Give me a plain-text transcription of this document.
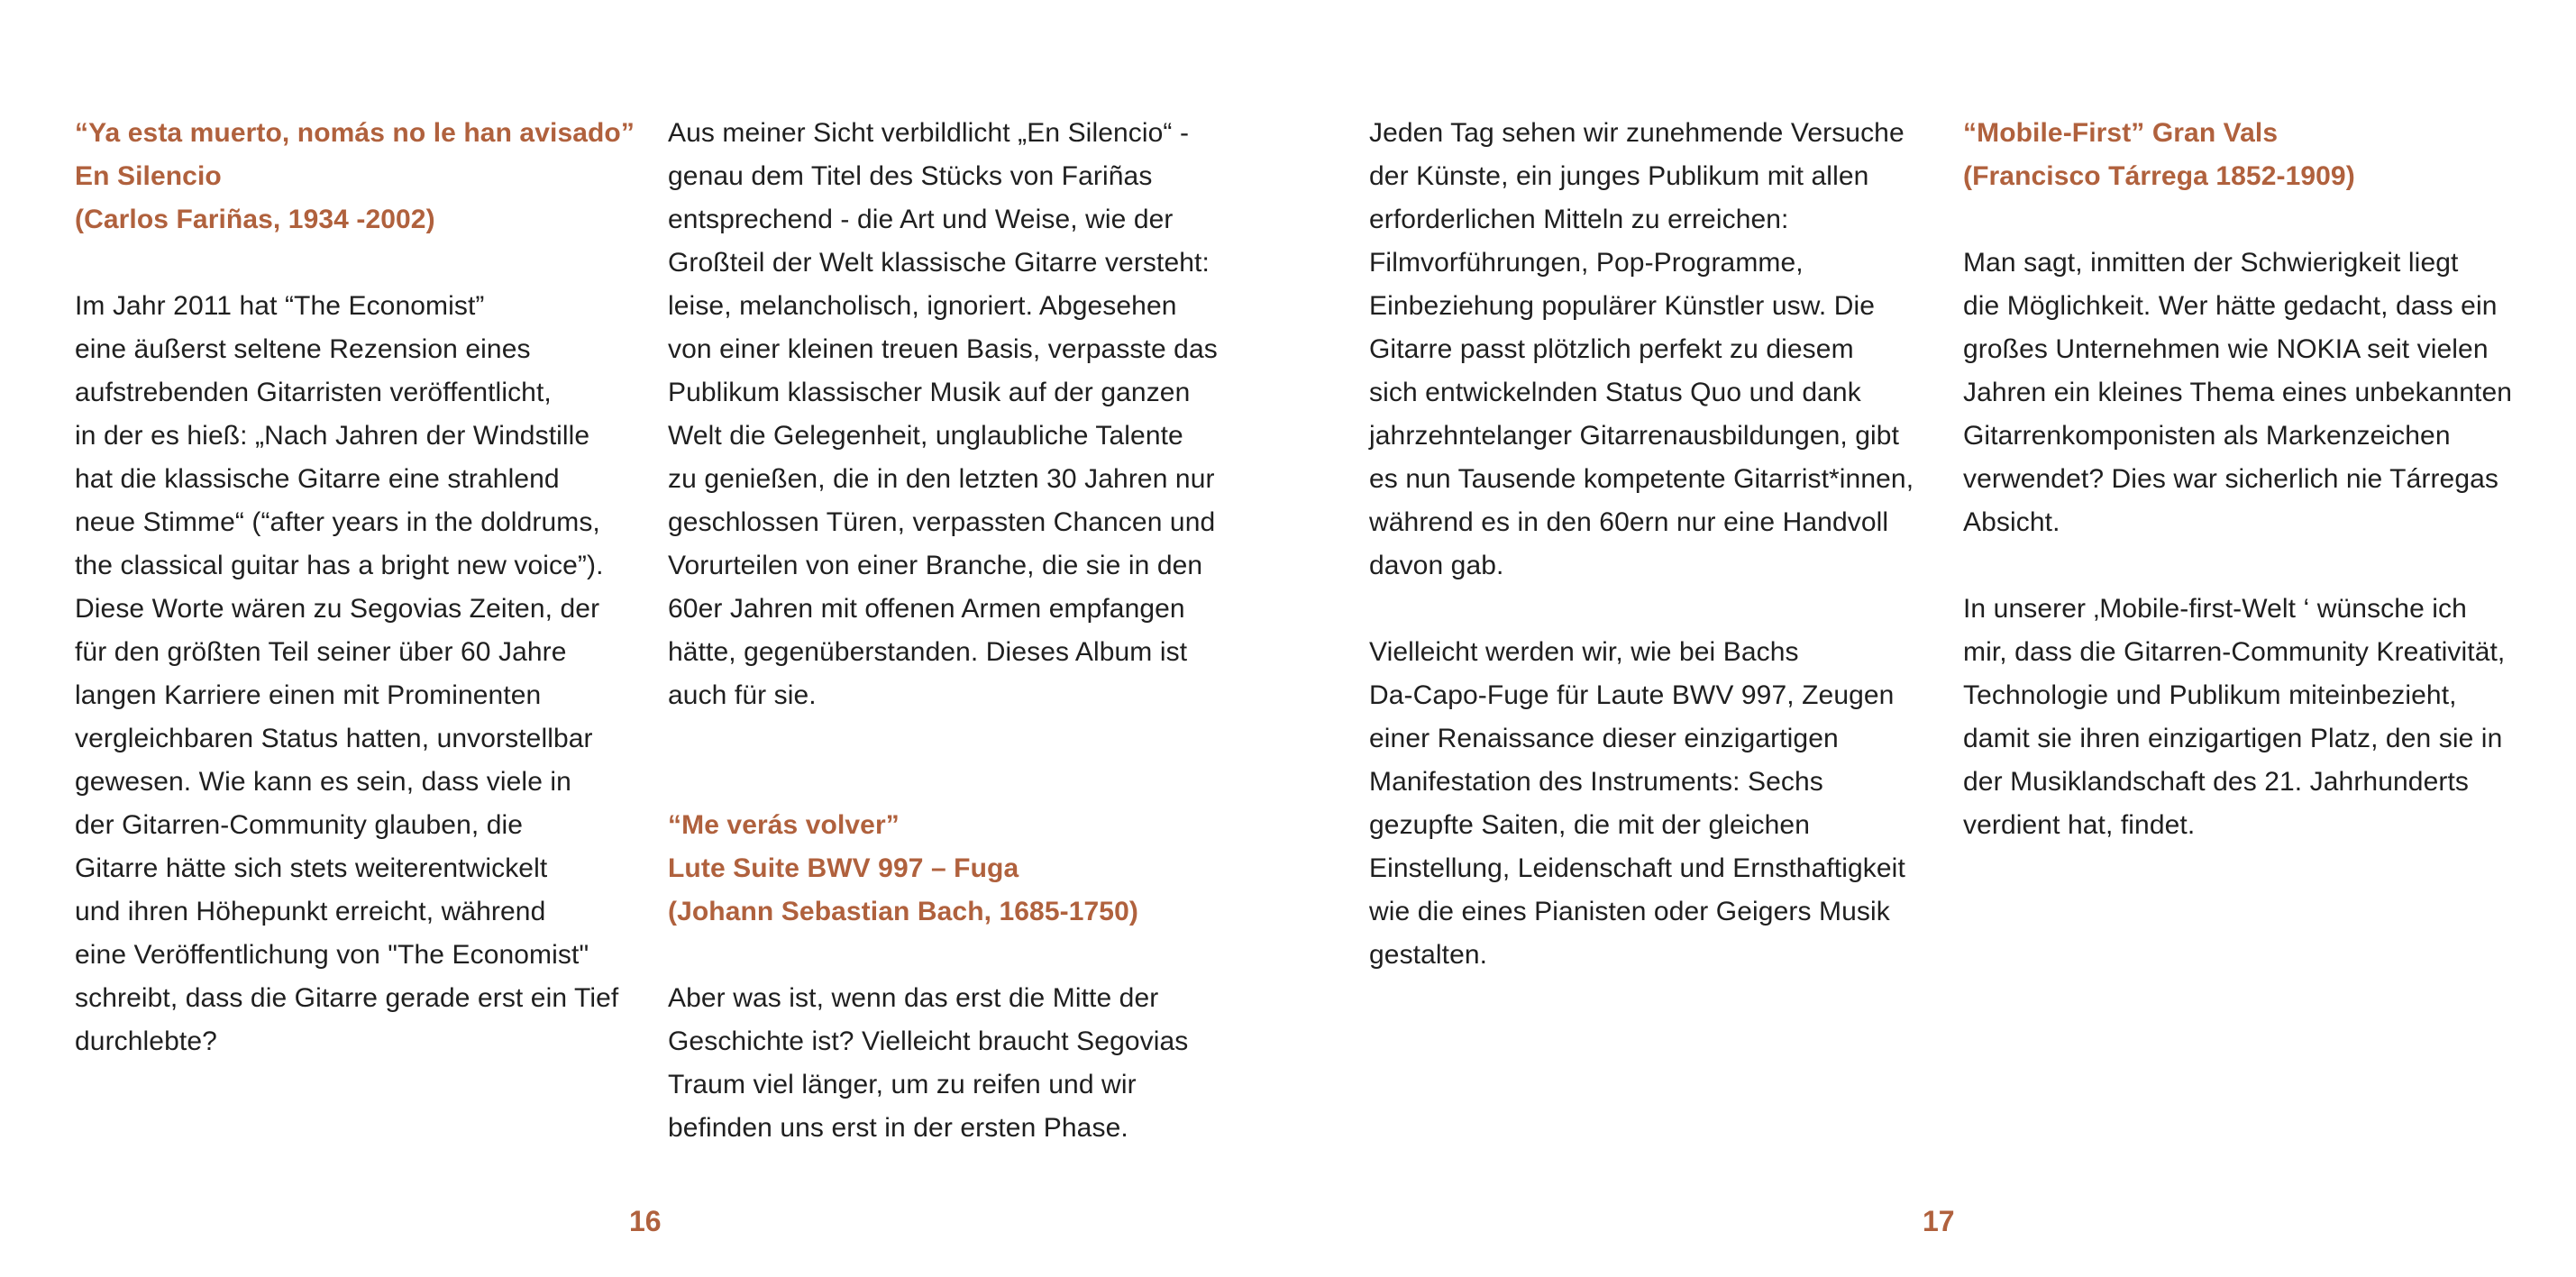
“Ya esta muerto, nomás no le han avisado”
En Silencio
(Carlos Fariñas, 1934 -2002)

Im Jahr 2011 hat “The Economist”
eine äußerst seltene Rezension eines
aufstrebenden Gitarristen veröffentlicht,
in der es hieß: „Nach Jahren der Windstille
hat die klassische Gitarre eine strahlend
neue Stimme“ (“after years in the doldrums,
the classical guitar has a bright new voice”).
Diese Worte wären zu Segovias Zeiten, der
für den größten Teil seiner über 60 Jahre
langen Karriere einen mit Prominenten
vergleichbaren Status hatten, unvorstellbar
gewesen. Wie kann es sein, dass viele in
der Gitarren-Community glauben, die
Gitarre hätte sich stets weiterentwickelt
und ihren Höhepunkt erreicht, während
eine Veröffentlichung von "The Economist"
schreibt, dass die Gitarre gerade erst ein Tief
durchlebte?

Aus meiner Sicht verbildlicht „En Silencio“ -
genau dem Titel des Stücks von Fariñas
entsprechend - die Art und Weise, wie der
Großteil der Welt klassische Gitarre versteht:
leise, melancholisch, ignoriert. Abgesehen
von einer kleinen treuen Basis, verpasste das
Publikum klassischer Musik auf der ganzen
Welt die Gelegenheit, unglaubliche Talente
zu genießen, die in den letzten 30 Jahren nur
geschlossen Türen, verpassten Chancen und
Vorurteilen von einer Branche, die sie in den
60er Jahren mit offenen Armen empfangen
hätte, gegenüberstanden. Dieses Album ist
auch für sie.

“Me verás volver”
Lute Suite BWV 997 – Fuga
(Johann Sebastian Bach, 1685-1750)

Aber was ist, wenn das erst die Mitte der
Geschichte ist? Vielleicht braucht Segovias
Traum viel länger, um zu reifen und wir
befinden uns erst in der ersten Phase.

16

Jeden Tag sehen wir zunehmende Versuche
der Künste, ein junges Publikum mit allen
erforderlichen Mitteln zu erreichen:
Filmvorführungen, Pop-Programme,
Einbeziehung populärer Künstler usw. Die
Gitarre passt plötzlich perfekt zu diesem
sich entwickelnden Status Quo und dank
jahrzehntelanger Gitarrenausbildungen, gibt
es nun Tausende kompetente Gitarrist*innen,
während es in den 60ern nur eine Handvoll
davon gab.

Vielleicht werden wir, wie bei Bachs
Da-Capo-Fuge für Laute BWV 997, Zeugen
einer Renaissance dieser einzigartigen
Manifestation des Instruments: Sechs
gezupfte Saiten, die mit der gleichen
Einstellung, Leidenschaft und Ernsthaftigkeit
wie die eines Pianisten oder Geigers Musik
gestalten.

“Mobile-First” Gran Vals
(Francisco Tárrega 1852-1909)

Man sagt, inmitten der Schwierigkeit liegt
die Möglichkeit. Wer hätte gedacht, dass ein
großes Unternehmen wie NOKIA seit vielen
Jahren ein kleines Thema eines unbekannten
Gitarrenkomponisten als Markenzeichen
verwendet? Dies war sicherlich nie Tárregas
Absicht.

In unserer ‚Mobile-first-Welt ‘ wünsche ich
mir, dass die Gitarren-Community Kreativität,
Technologie und Publikum miteinbezieht,
damit sie ihren einzigartigen Platz, den sie in
der Musiklandschaft des 21. Jahrhunderts
verdient hat, findet.

17
